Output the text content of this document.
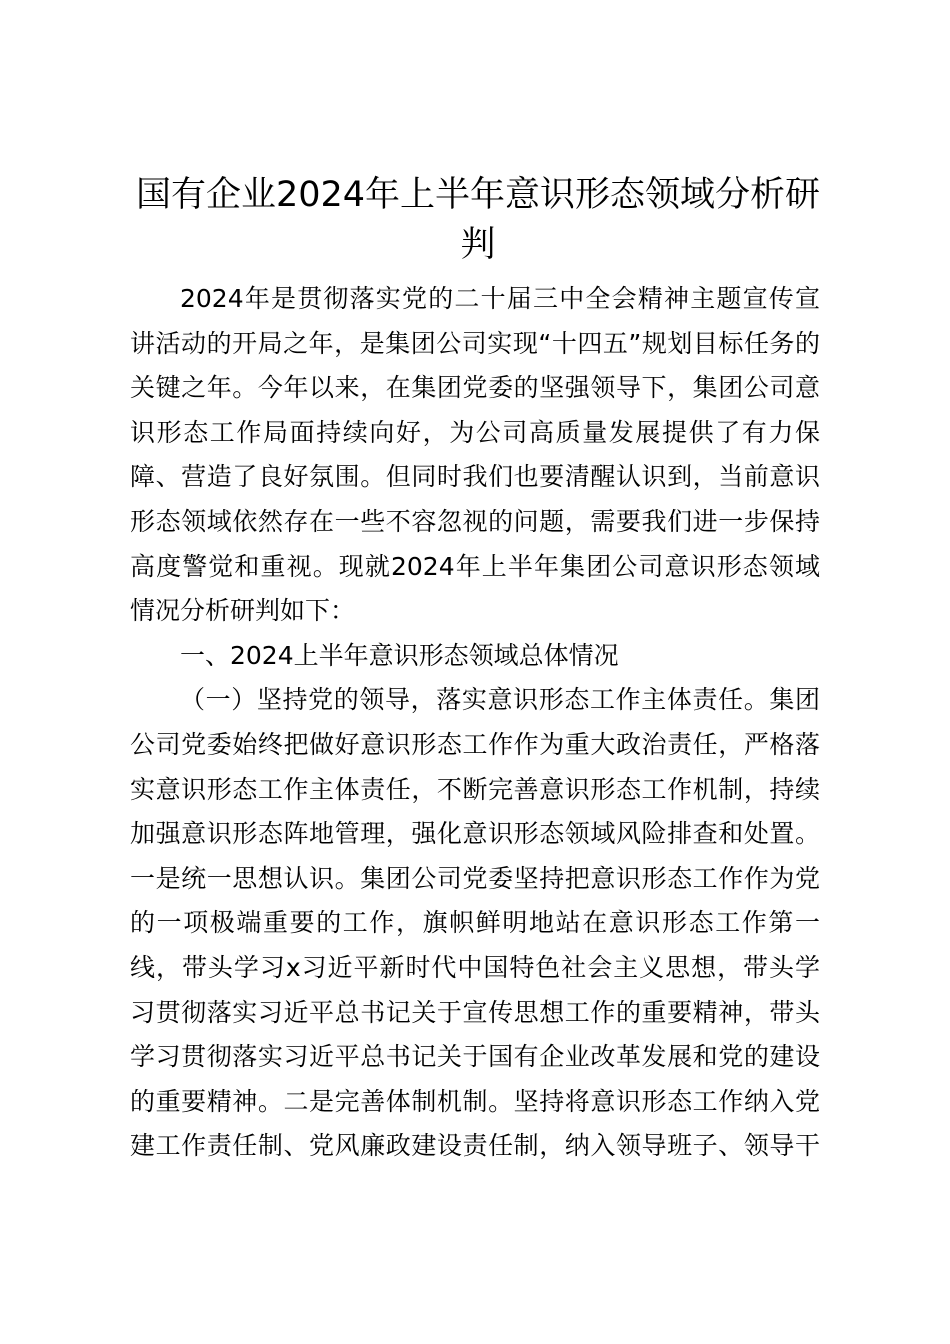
国有企业2024年上半年意识形态领域分析研
判
2024年是贯彻落实党的二十届三中全会精神主题宣传宣
讲活动的开局之年，是集团公司实现“十四五”规划目标任务的
关键之年。今年以来，在集团党委的坚强领导下，集团公司意
识形态工作局面持续向好，为公司高质量发展提供了有力保
障、营造了良好氛围。但同时我们也要清醒认识到，当前意识
形态领域依然存在一些不容忽视的问题，需要我们进一步保持
高度警觉和重视。现就2024年上半年集团公司意识形态领域
情况分析研判如下：
一、2024上半年意识形态领域总体情况
（一）坚持党的领导，落实意识形态工作主体责任。集团
公司党委始终把做好意识形态工作作为重大政治责任，严格落
实意识形态工作主体责任，不断完善意识形态工作机制，持续
加强意识形态阵地管理，强化意识形态领域风险排查和处置。
一是统一思想认识。集团公司党委坚持把意识形态工作作为党
的一项极端重要的工作，旗帜鲜明地站在意识形态工作第一
线，带头学习x习近平新时代中国特色社会主义思想，带头学
习贯彻落实习近平总书记关于宣传思想工作的重要精神，带头
学习贯彻落实习近平总书记关于国有企业改革发展和党的建设
的重要精神。二是完善体制机制。坚持将意识形态工作纳入党
建工作责任制、党风廉政建设责任制，纳入领导班子、领导干
